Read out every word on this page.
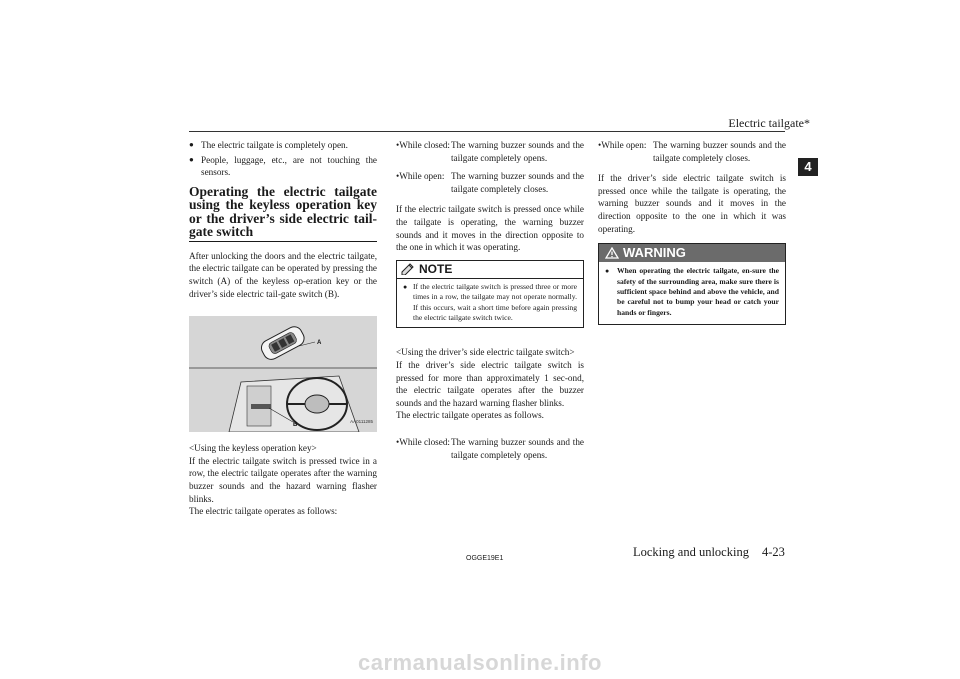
Electric tailgate*
4
● The electric tailgate is completely open.
● People, luggage, etc., are not touching the sensors.
Operating the electric tailgate using the keyless operation key or the driver’s side electric tail-gate switch
After unlocking the doors and the electric tailgate, the electric tailgate can be operated by pressing the switch (A) of the keyless op-eration key or the driver’s side electric tail-gate switch (B).
A
B
AA0111285
<Using the keyless operation key>
If the electric tailgate switch is pressed twice in a row, the electric tailgate operates after the warning buzzer sounds and the hazard warning flasher blinks.
The electric tailgate operates as follows:
•While closed: The warning buzzer sounds and the tailgate completely opens.
•While open: The warning buzzer sounds and the tailgate completely closes.
If the electric tailgate switch is pressed once while the tailgate is operating, the warning buzzer sounds and it moves in the direction opposite to the one in which it was operating.
NOTE
● If the electric tailgate switch is pressed three or more times in a row, the tailgate may not operate normally. If this occurs, wait a short time before again pressing the electric tailgate switch twice.
<Using the driver’s side electric tailgate switch>
If the driver’s side electric tailgate switch is pressed for more than approximately 1 sec-ond, the electric tailgate operates after the buzzer sounds and the hazard warning flasher blinks.
The electric tailgate operates as follows.
•While closed: The warning buzzer sounds and the tailgate completely opens.
•While open: The warning buzzer sounds and the tailgate completely closes.
If the driver’s side electric tailgate switch is pressed once while the tailgate is operating, the warning buzzer sounds and it moves in the direction opposite to the one in which it was operating.
WARNING
●	When operating the electric tailgate, en-sure the safety of the surrounding area, make sure there is sufficient space behind and above the vehicle, and be careful not to bump your head or catch your hands or fingers.
OGGE19E1	Locking and unlocking 4-23
carmanualsonline.info
